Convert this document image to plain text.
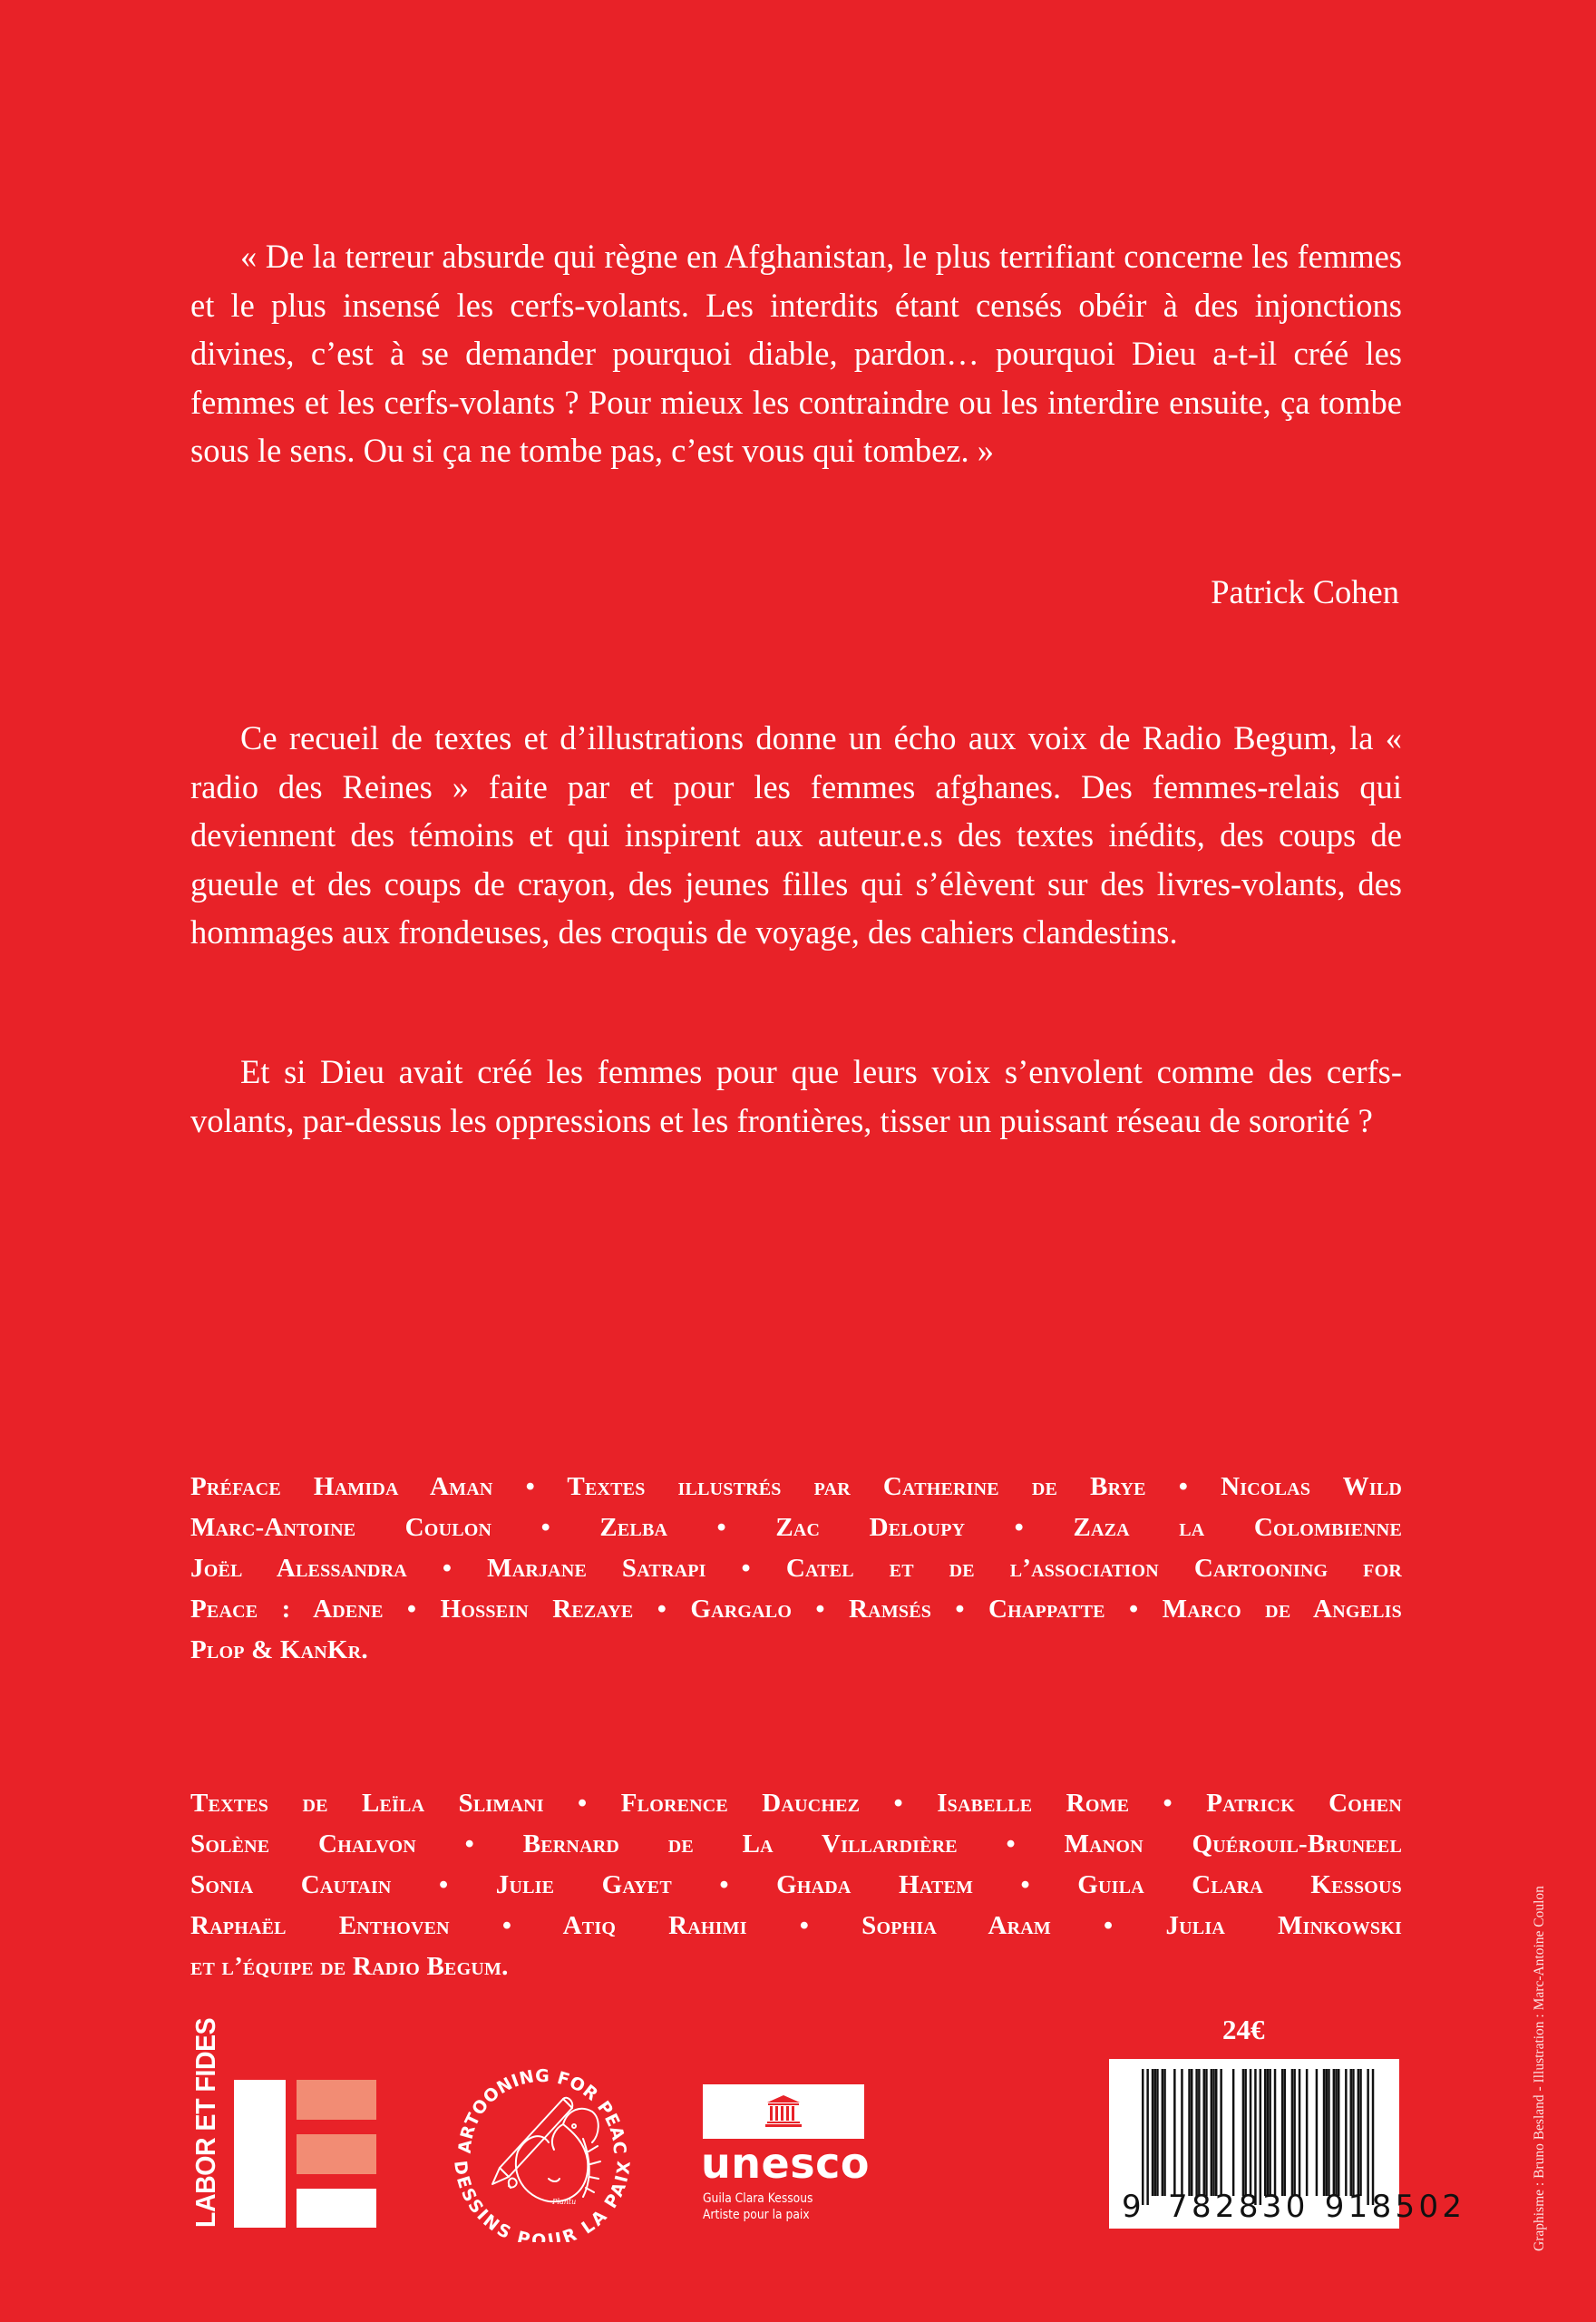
« De la terreur absurde qui règne en Afghanistan, le plus terrifiant concerne les femmes et le plus insensé les cerfs-volants. Les interdits étant censés obéir à des injonctions divines, c’est à se demander pourquoi diable, pardon… pourquoi Dieu a-t-il créé les femmes et les cerfs-volants ? Pour mieux les contraindre ou les interdire ensuite, ça tombe sous le sens. Ou si ça ne tombe pas, c’est vous qui tombez. »

Patrick Cohen

Ce recueil de textes et d’illustrations donne un écho aux voix de Radio Begum, la « radio des Reines » faite par et pour les femmes afghanes. Des femmes-relais qui deviennent des témoins et qui inspirent aux auteur.e.s des textes inédits, des coups de gueule et des coups de crayon, des jeunes filles qui s’élèvent sur des livres-volants, des hommages aux frondeuses, des croquis de voyage, des cahiers clandestins.

Et si Dieu avait créé les femmes pour que leurs voix s’envolent comme des cerfs-volants, par-dessus les oppressions et les frontières, tisser un puissant réseau de sororité ?

Préface Hamida Aman • Textes illustrés par Catherine de Brye • Nicolas Wild
Marc-Antoine Coulon • Zelba • Zac Deloupy • Zaza la Colombienne
Joël Alessandra • Marjane Satrapi • Catel et de l’association Cartooning for
Peace : Adene • Hossein Rezaye • Gargalo • Ramsés • Chappatte • Marco de Angelis
Plop & KanKr.
Textes de Leïla Slimani • Florence Dauchez • Isabelle Rome • Patrick Cohen
Solène Chalvon • Bernard de La Villardière • Manon Quérouil-Bruneel
Sonia Cautain • Julie Gayet • Ghada Hatem • Guila Clara Kessous
Raphaël Enthoven • Atiq Rahimi • Sophia Aram • Julia Minkowski
et l’équipe de Radio Begum.
LABOR ET FIDES	ARTOONING FOR PEAC
DESSINS POUR LA PAIX
Plantu
unesco
Guila Clara Kessous
Artiste pour la paix
24€
9 782830 918502	Graphisme : Bruno Besland - Illustration : Marc-Antoine Coulon
